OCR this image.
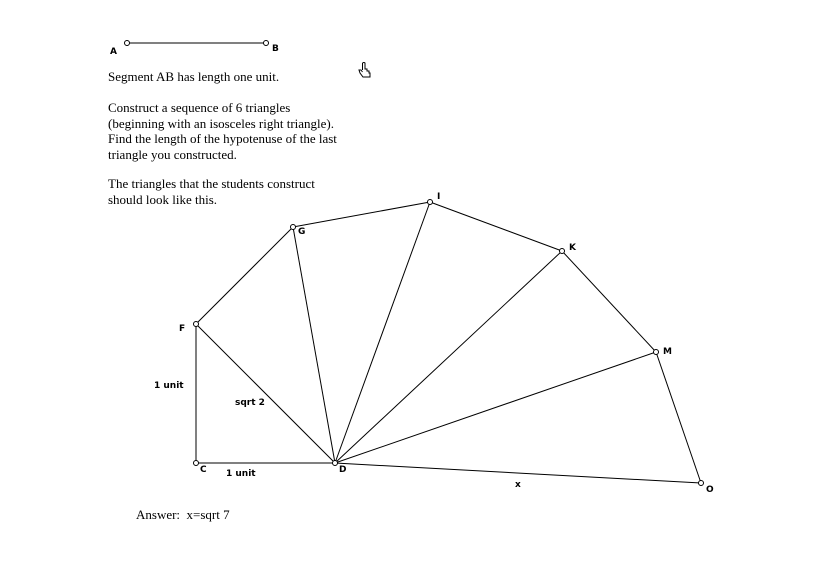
A	B
Segment AB has length one unit.
Construct a sequence of 6 triangles
(beginning with an isosceles right triangle).
Find the length of the hypotenuse of the last
triangle you constructed.
The triangles that the students construct
should look like this.
C	D
F
G
I
K
M
O
1 unit
1 unit
sqrt 2
x
Answer:  x=sqrt 7
